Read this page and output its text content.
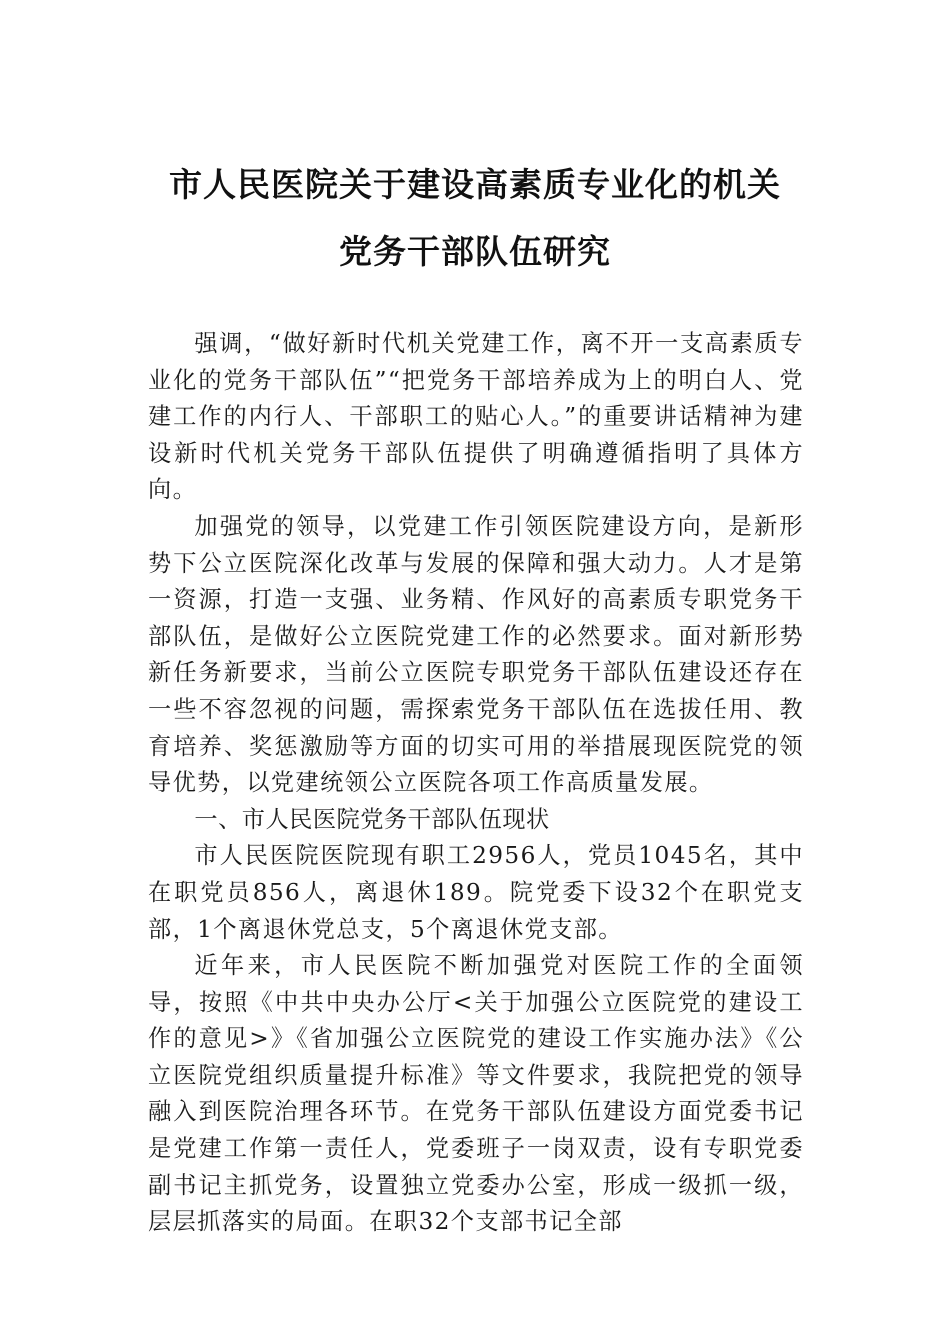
市人民医院关于建设高素质专业化的机关
党务干部队伍研究

强调，“做好新时代机关党建工作，离不开一支高素质专业化的党务干部队伍”“把党务干部培养成为上的明白人、党建工作的内行人、干部职工的贴心人。”的重要讲话精神为建设新时代机关党务干部队伍提供了明确遵循指明了具体方向。

加强党的领导，以党建工作引领医院建设方向，是新形势下公立医院深化改革与发展的保障和强大动力。人才是第一资源，打造一支强、业务精、作风好的高素质专职党务干部队伍，是做好公立医院党建工作的必然要求。面对新形势新任务新要求，当前公立医院专职党务干部队伍建设还存在一些不容忽视的问题，需探索党务干部队伍在选拔任用、教育培养、奖惩激励等方面的切实可用的举措展现医院党的领导优势，以党建统领公立医院各项工作高质量发展。

一、市人民医院党务干部队伍现状

市人民医院医院现有职工2956人，党员1045名，其中在职党员856人，离退休189。院党委下设32个在职党支部，1个离退休党总支，5个离退休党支部。

近年来，市人民医院不断加强党对医院工作的全面领导，按照《中共中央办公厅<关于加强公立医院党的建设工作的意见>》《省加强公立医院党的建设工作实施办法》《公立医院党组织质量提升标准》等文件要求，我院把党的领导融入到医院治理各环节。在党务干部队伍建设方面党委书记是党建工作第一责任人，党委班子一岗双责，设有专职党委副书记主抓党务，设置独立党委办公室，形成一级抓一级，层层抓落实的局面。在职32个支部书记全部
